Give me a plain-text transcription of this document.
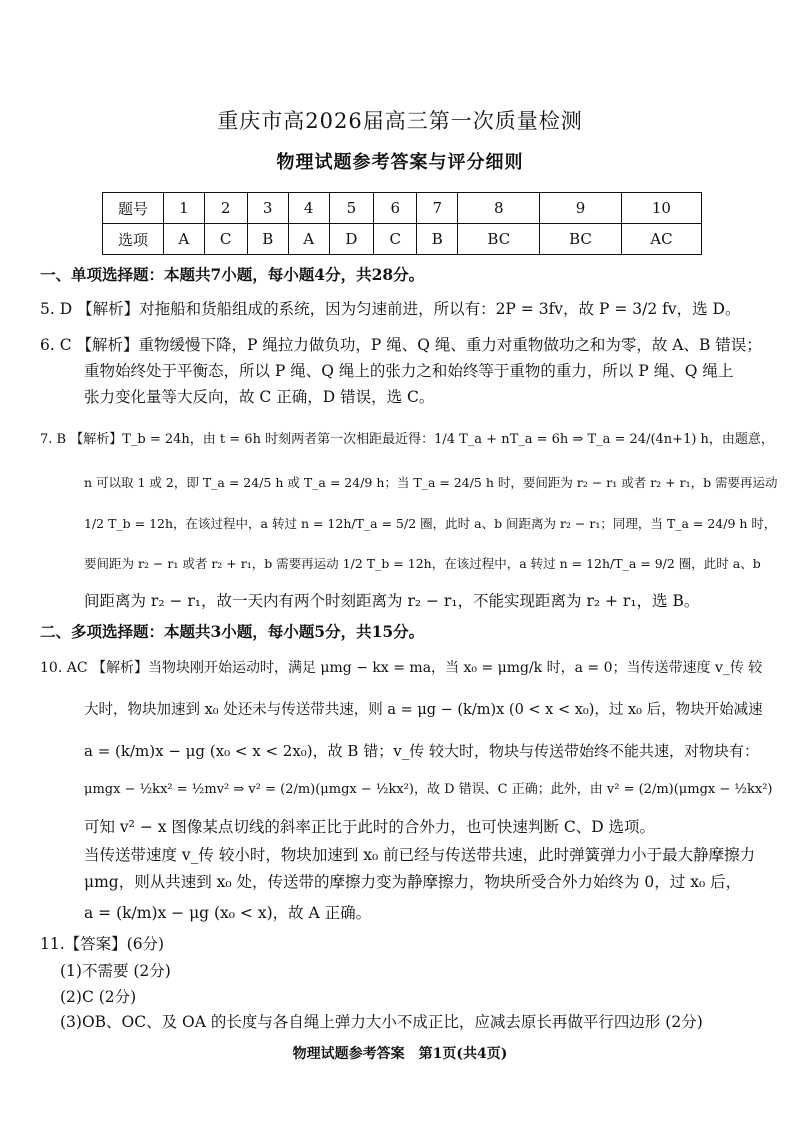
重庆市高2026届高三第一次质量检测
物理试题参考答案与评分细则
题号	1	2	3	4	5	6	7	8	9	10
选项	A	C	B	A	D	C	B	BC	BC	AC
一、单项选择题：本题共7小题，每小题4分，共28分。
5. D 【解析】对拖船和货船组成的系统，因为匀速前进，所以有：2P = 3fv，故 P = 3/2 fv，选 D。
6. C 【解析】重物缓慢下降，P 绳拉力做负功，P 绳、Q 绳、重力对重物做功之和为零，故 A、B 错误；
重物始终处于平衡态，所以 P 绳、Q 绳上的张力之和始终等于重物的重力，所以 P 绳、Q 绳上
张力变化量等大反向，故 C 正确，D 错误，选 C。
7. B 【解析】T_b = 24h，由 t = 6h 时刻两者第一次相距最近得：1/4 T_a + nT_a = 6h ⇒ T_a = 24/(4n+1) h，由题意，
n 可以取 1 或 2，即 T_a = 24/5 h 或 T_a = 24/9 h；当 T_a = 24/5 h 时，要间距为 r₂ − r₁ 或者 r₂ + r₁，b 需要再运动
1/2 T_b = 12h，在该过程中，a 转过 n = 12h/T_a = 5/2 圈，此时 a、b 间距离为 r₂ − r₁；同理，当 T_a = 24/9 h 时，
要间距为 r₂ − r₁ 或者 r₂ + r₁，b 需要再运动 1/2 T_b = 12h，在该过程中，a 转过 n = 12h/T_a = 9/2 圈，此时 a、b
间距离为 r₂ − r₁，故一天内有两个时刻距离为 r₂ − r₁，不能实现距离为 r₂ + r₁，选 B。
二、多项选择题：本题共3小题，每小题5分，共15分。
10. AC 【解析】当物块刚开始运动时，满足 μmg − kx = ma，当 x₀ = μmg/k 时，a = 0；当传送带速度 v_传 较
大时，物块加速到 x₀ 处还未与传送带共速，则 a = μg − (k/m)x (0 < x < x₀)，过 x₀ 后，物块开始减速
a = (k/m)x − μg (x₀ < x < 2x₀)，故 B 错；v_传 较大时，物块与传送带始终不能共速，对物块有：
μmgx − ½kx² = ½mv² ⇒ v² = (2/m)(μmgx − ½kx²)，故 D 错误、C 正确；此外，由 v² = (2/m)(μmgx − ½kx²)
可知 v² − x 图像某点切线的斜率正比于此时的合外力，也可快速判断 C、D 选项。
当传送带速度 v_传 较小时，物块加速到 x₀ 前已经与传送带共速，此时弹簧弹力小于最大静摩擦力
μmg，则从共速到 x₀ 处，传送带的摩擦力变为静摩擦力，物块所受合外力始终为 0，过 x₀ 后，
a = (k/m)x − μg (x₀ < x)，故 A 正确。
11.【答案】(6分)
(1)不需要 (2分)
(2)C (2分)
(3)OB、OC、及 OA 的长度与各自绳上弹力大小不成正比，应减去原长再做平行四边形 (2分)
物理试题参考答案　第1页(共4页)
